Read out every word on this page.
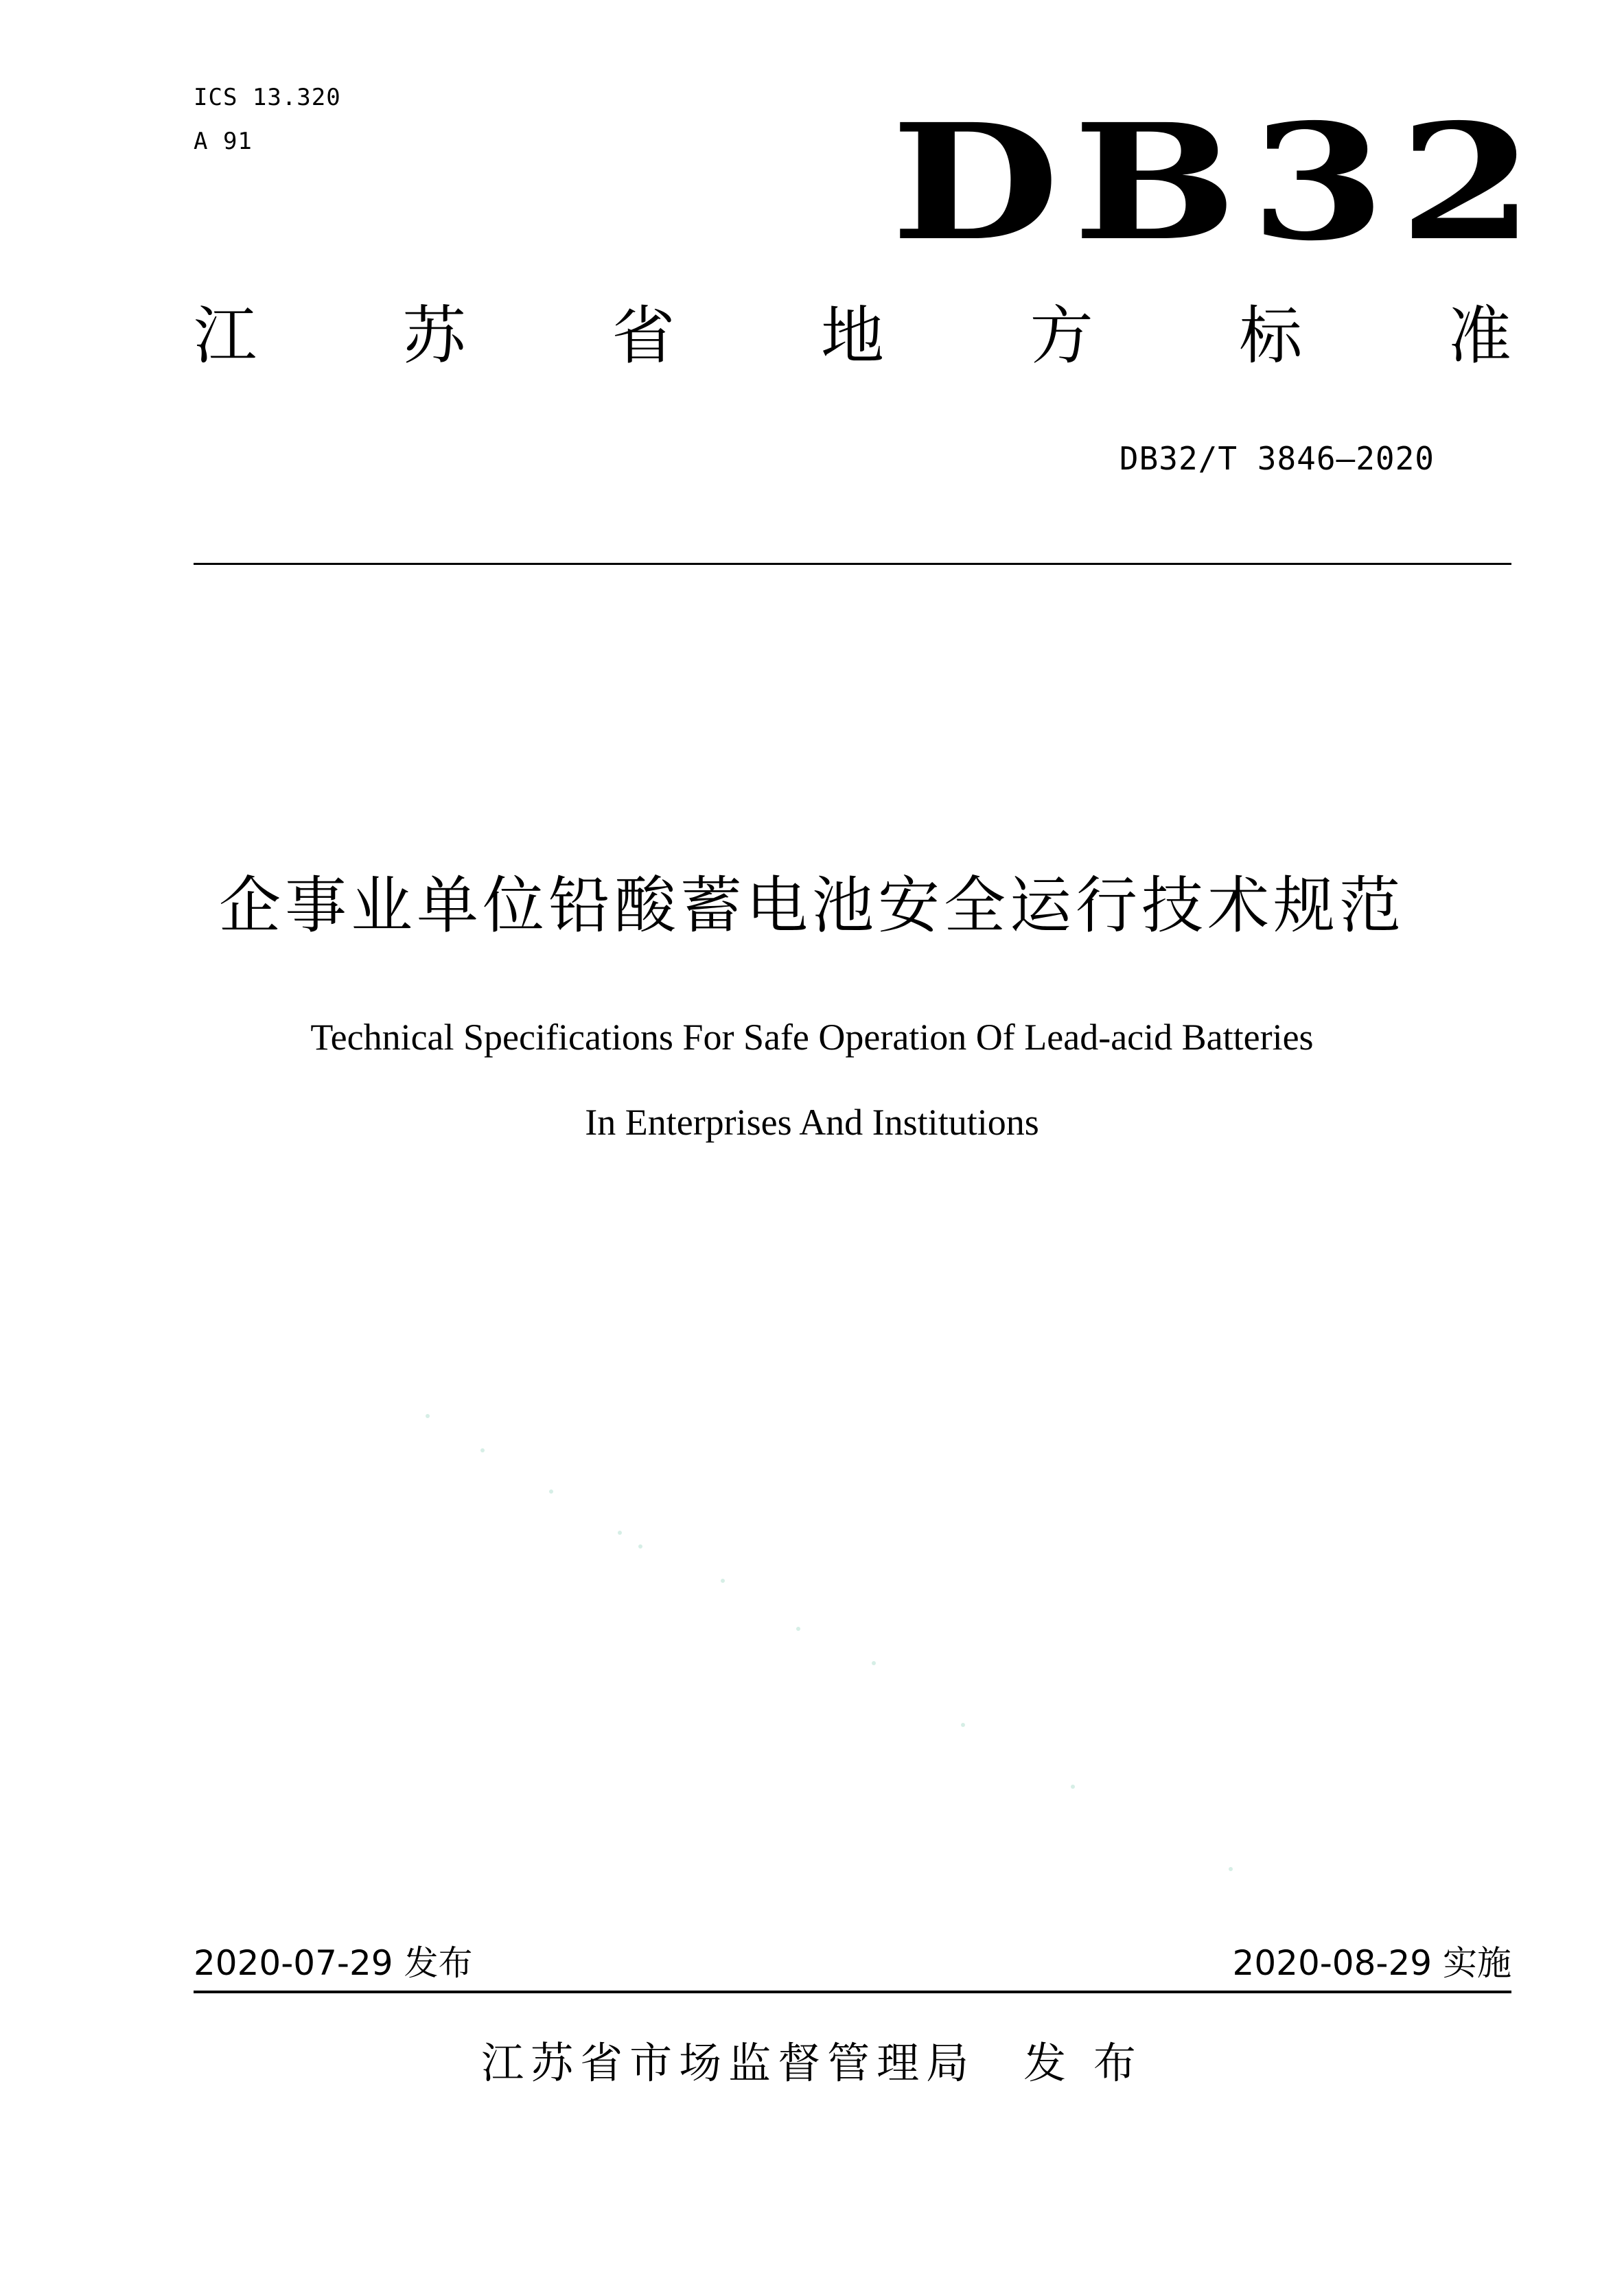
ICS 13.320
A 91	DB32
江 苏 省 地 方 标 准
DB32/T 3846—2020
企事业单位铅酸蓄电池安全运行技术规范
Technical Specifications For Safe Operation Of Lead-acid Batteries
In Enterprises And Institutions
2020-07-29 发布	2020-08-29 实施
江苏省市场监督管理局 发 布
